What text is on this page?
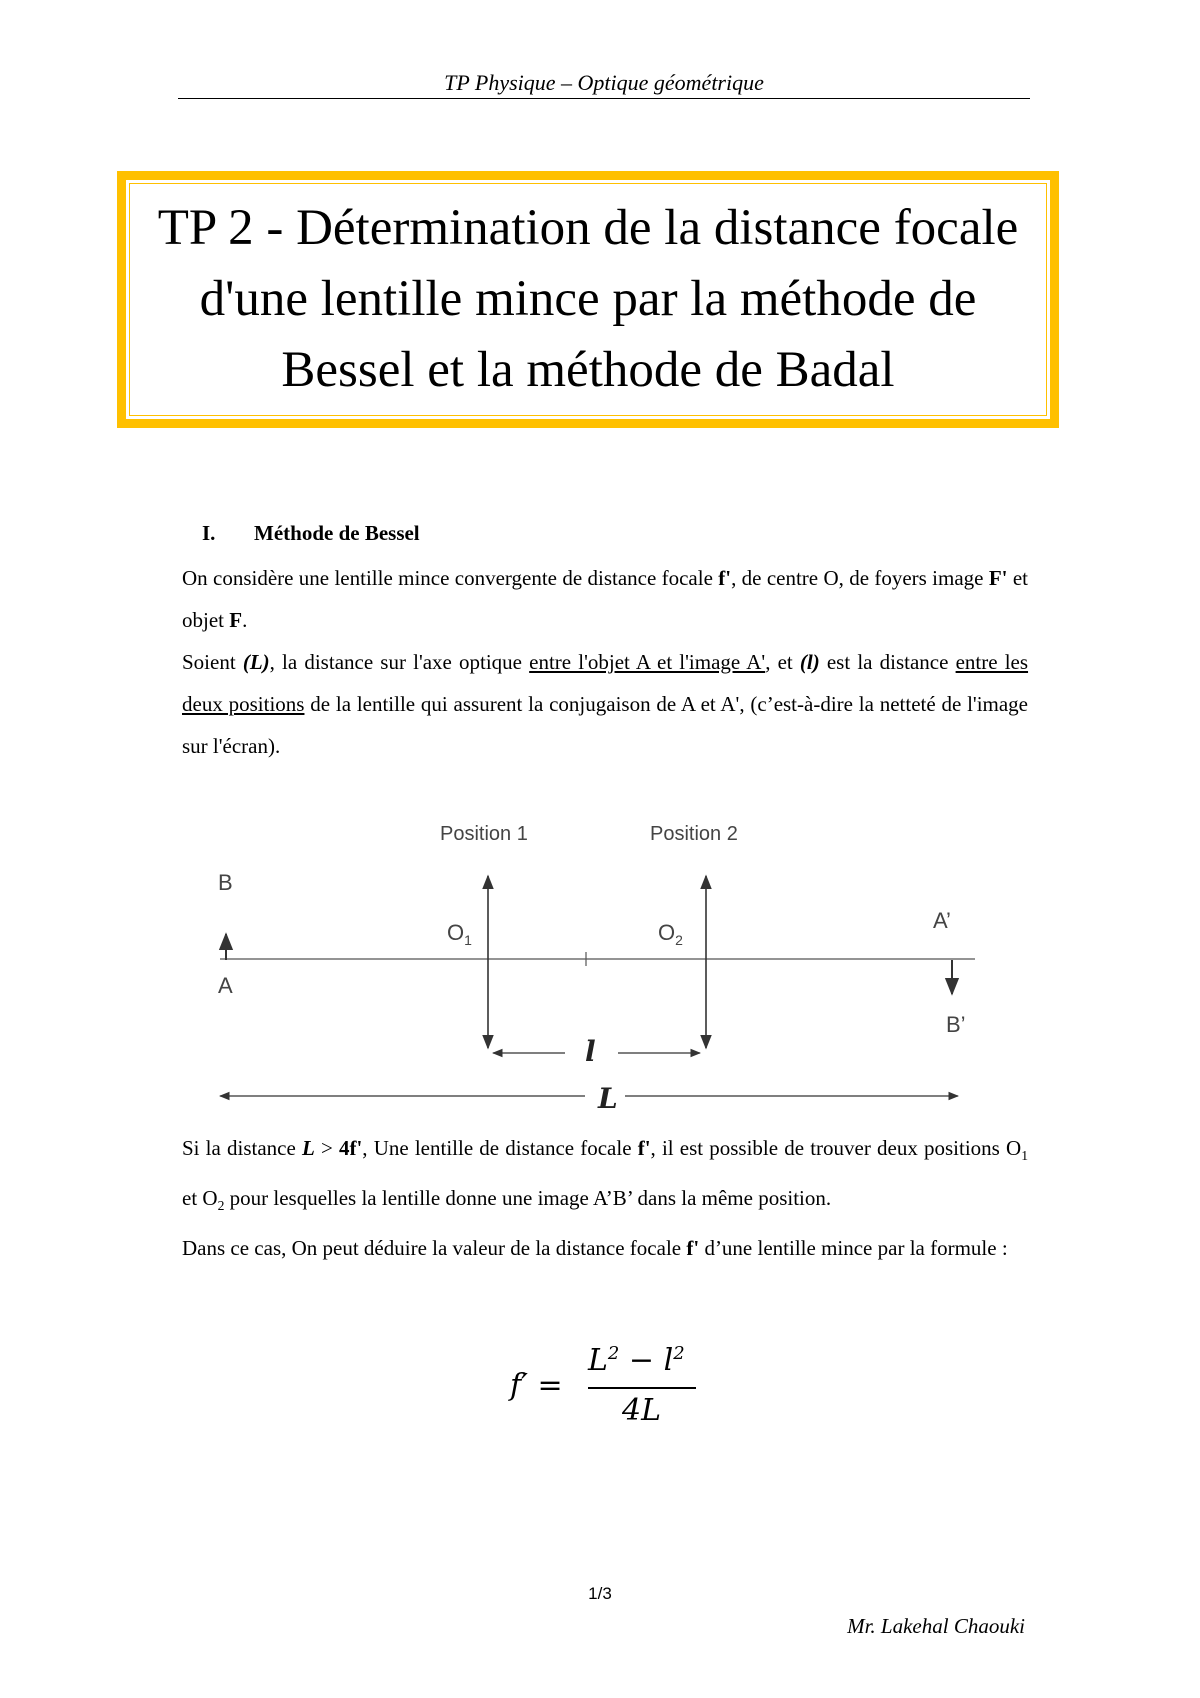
TP Physique – Optique géométrique
TP 2 - Détermination de la distance focale
d'une lentille mince par la méthode de
Bessel et la méthode de Badal
I. Méthode de Bessel

On considère une lentille mince convergente de distance focale f', de centre O, de foyers image F' et objet F.

Soient (L), la distance sur l'axe optique entre l'objet A et l'image A', et (l) est la distance entre les deux positions de la lentille qui assurent la conjugaison de A et A', (c’est-à-dire la netteté de l'image sur l'écran).

B
A
Position 1
$O_1$
Position 2
$O_2$
A’
B’
l
L

Si la distance L > 4f', Une lentille de distance focale f', il est possible de trouver deux positions $O_1$ et $O_2$ pour lesquelles la lentille donne une image A’B’ dans la même position.

Dans ce cas, On peut déduire la valeur de la distance focale f' d’une lentille mince par la formule :

f′ =
$L^2 - l^2$
4L
1/3
Mr. Lakehal Chaouki
